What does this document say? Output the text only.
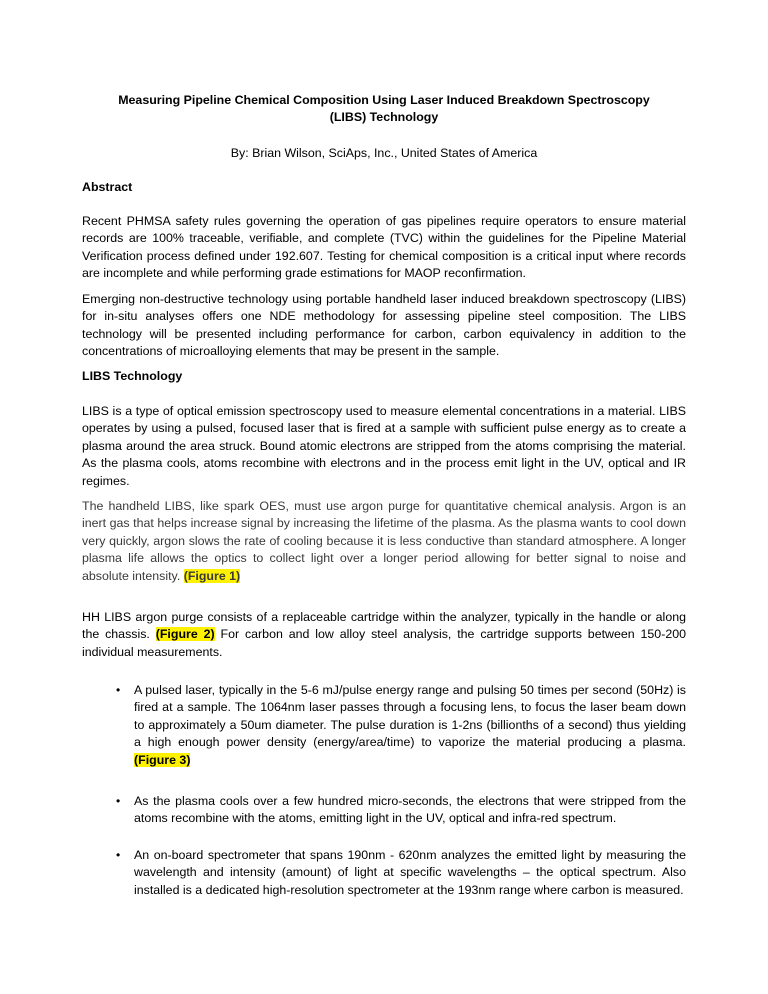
Measuring Pipeline Chemical Composition Using Laser Induced Breakdown Spectroscopy (LIBS) Technology
By: Brian Wilson, SciAps, Inc., United States of America
Abstract
Recent PHMSA safety rules governing the operation of gas pipelines require operators to ensure material records are 100% traceable, verifiable, and complete (TVC) within the guidelines for the Pipeline Material Verification process defined under 192.607. Testing for chemical composition is a critical input where records are incomplete and while performing grade estimations for MAOP reconfirmation.
Emerging non-destructive technology using portable handheld laser induced breakdown spectroscopy (LIBS) for in-situ analyses offers one NDE methodology for assessing pipeline steel composition. The LIBS technology will be presented including performance for carbon, carbon equivalency in addition to the concentrations of microalloying elements that may be present in the sample.
LIBS Technology
LIBS is a type of optical emission spectroscopy used to measure elemental concentrations in a material. LIBS operates by using a pulsed, focused laser that is fired at a sample with sufficient pulse energy as to create a plasma around the area struck. Bound atomic electrons are stripped from the atoms comprising the material. As the plasma cools, atoms recombine with electrons and in the process emit light in the UV, optical and IR regimes.
The handheld LIBS, like spark OES, must use argon purge for quantitative chemical analysis. Argon is an inert gas that helps increase signal by increasing the lifetime of the plasma. As the plasma wants to cool down very quickly, argon slows the rate of cooling because it is less conductive than standard atmosphere. A longer plasma life allows the optics to collect light over a longer period allowing for better signal to noise and absolute intensity. (Figure 1)
HH LIBS argon purge consists of a replaceable cartridge within the analyzer, typically in the handle or along the chassis. (Figure 2) For carbon and low alloy steel analysis, the cartridge supports between 150-200 individual measurements.
•	A pulsed laser, typically in the 5-6 mJ/pulse energy range and pulsing 50 times per second (50Hz) is fired at a sample. The 1064nm laser passes through a focusing lens, to focus the laser beam down to approximately a 50um diameter. The pulse duration is 1-2ns (billionths of a second) thus yielding a high enough power density (energy/area/time) to vaporize the material producing a plasma. (Figure 3)
•	As the plasma cools over a few hundred micro-seconds, the electrons that were stripped from the atoms recombine with the atoms, emitting light in the UV, optical and infra-red spectrum.
•	An on-board spectrometer that spans 190nm - 620nm analyzes the emitted light by measuring the wavelength and intensity (amount) of light at specific wavelengths – the optical spectrum. Also installed is a dedicated high-resolution spectrometer at the 193nm range where carbon is measured.
